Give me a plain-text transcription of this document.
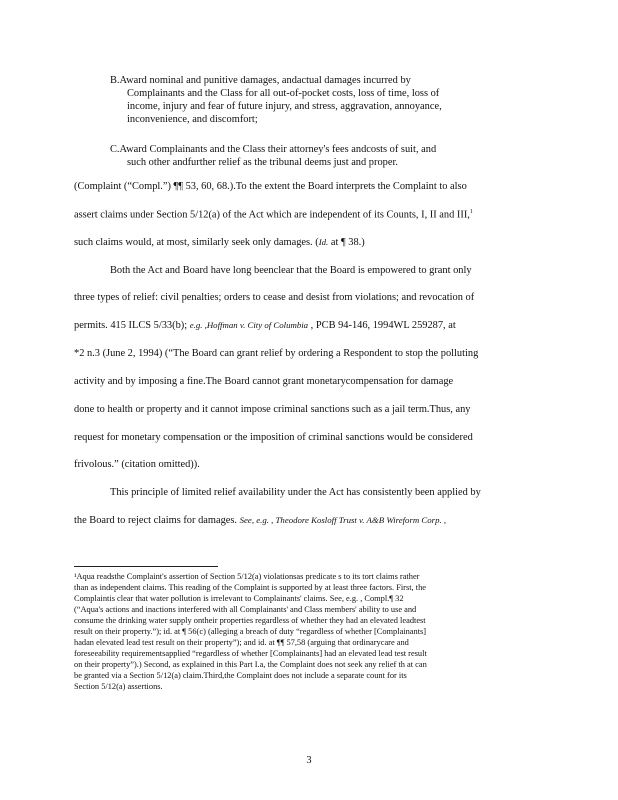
B.Award nominal and punitive damages, andactual damages incurred by
Complainants and the Class for all out-of-pocket costs, loss of time, loss of
income, injury and fear of future injury, and stress, aggravation, annoyance,
inconvenience, and discomfort;
C.Award Complainants and the Class their attorney's fees andcosts of suit, and
such other andfurther relief as the tribunal deems just and proper.
(Complaint (“Compl.”) ¶¶ 53, 60, 68.).To the extent the Board interprets the Complaint to also
assert claims under Section 5/12(a) of the Act which are independent of its Counts, I, II and III,$^1$
such claims would, at most, similarly seek only damages. (Id. at ¶ 38.)
Both the Act and Board have long beenclear that the Board is empowered to grant only
three types of relief: civil penalties; orders to cease and desist from violations; and revocation of
permits. 415 ILCS 5/33(b); e.g. ,Hoffman v. City of Columbia , PCB 94-146, 1994WL 259287, at
*2 n.3 (June 2, 1994) (“The Board can grant relief by ordering a Respondent to stop the polluting
activity and by imposing a fine.The Board cannot grant monetarycompensation for damage
done to health or property and it cannot impose criminal sanctions such as a jail term.Thus, any
request for monetary compensation or the imposition of criminal sanctions would be considered
frivolous.” (citation omitted)).
This principle of limited relief availability under the Act has consistently been applied by
the Board to reject claims for damages. See, e.g. , Theodore Kosloff Trust v. A&B Wireform Corp. ,
¹Aqua readsthe Complaint's assertion of Section 5/12(a) violationsas predicate s to its tort claims rather
than as independent claims. This reading of the Complaint is supported by at least three factors. First, the
Complaintis clear that water pollution is irrelevant to Complainants' claims. See, e.g. , Compl.¶ 32
(“Aqua's actions and inactions interfered with all Complainants' and Class members' ability to use and
consume the drinking water supply ontheir properties regardless of whether they had an elevated leadtest
result on their property.”); id. at ¶ 56(c) (alleging a breach of duty “regardless of whether [Complainants]
hadan elevated lead test result on their property”); and id. at ¶¶ 57,58 (arguing that ordinarycare and
foreseeability requirementsapplied “regardless of whether [Complainants] had an elevated lead test result
on their property”).) Second, as explained in this Part I.a, the Complaint does not seek any relief th at can
be granted via a Section 5/12(a) claim.Third,the Complaint does not include a separate count for its
Section 5/12(a) assertions.
3
